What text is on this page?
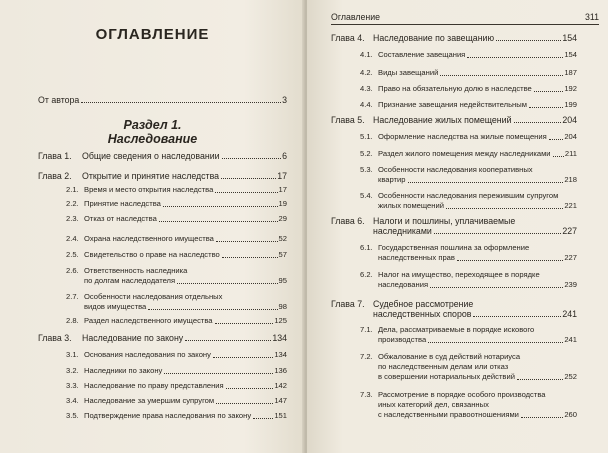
ОГЛАВЛЕНИЕ
От автора	3
Раздел 1.
Наследование
Глава 1.	Общие сведения о наследовании	6
Глава 2.	Открытие и принятие наследства	17
2.1. Время и место открытия наследства	17
2.2. Принятие наследства	19
2.3. Отказ от наследства	29
2.4. Охрана наследственного имущества	52
2.5. Свидетельство о праве на наследство	57
2.6. Ответственность наследника
по долгам наследодателя	95
2.7. Особенности наследования отдельных
видов имущества	98
2.8. Раздел наследственного имущества	125
Глава 3.	Наследование по закону	134
3.1. Основания наследования по закону	134
3.2. Наследники по закону	136
3.3. Наследование по праву представления	142
3.4. Наследование за умершим супругом	147
3.5. Подтверждение права наследования по закону	151
Оглавление	311
Глава 4. Наследование по завещанию	154
4.1. Составление завещания	154
4.2. Виды завещаний	187
4.3. Право на обязательную долю в наследстве	192
4.4. Признание завещания недействительным	199
Глава 5. Наследование жилых помещений	204
5.1. Оформление наследства на жилые помещения 204
5.2. Раздел жилого помещения между наследниками 211
5.3. Особенности наследования кооперативных
квартир	218
5.4. Особенности наследования пережившим супругом
жилых помещений	221
Глава 6. Налоги и пошлины, уплачиваемые
наследниками	227
6.1. Государственная пошлина за оформление
наследственных прав	227
6.2. Налог на имущество, переходящее в порядке
наследования	239
Глава 7. Судебное рассмотрение
наследственных споров	241
7.1. Дела, рассматриваемые в порядке искового
производства	241
7.2. Обжалование в суд действий нотариуса
по наследственным делам или отказ
в совершении нотариальных действий	252
7.3. Рассмотрение в порядке особого производства
иных категорий дел, связанных
с наследственными правоотношениями	260
